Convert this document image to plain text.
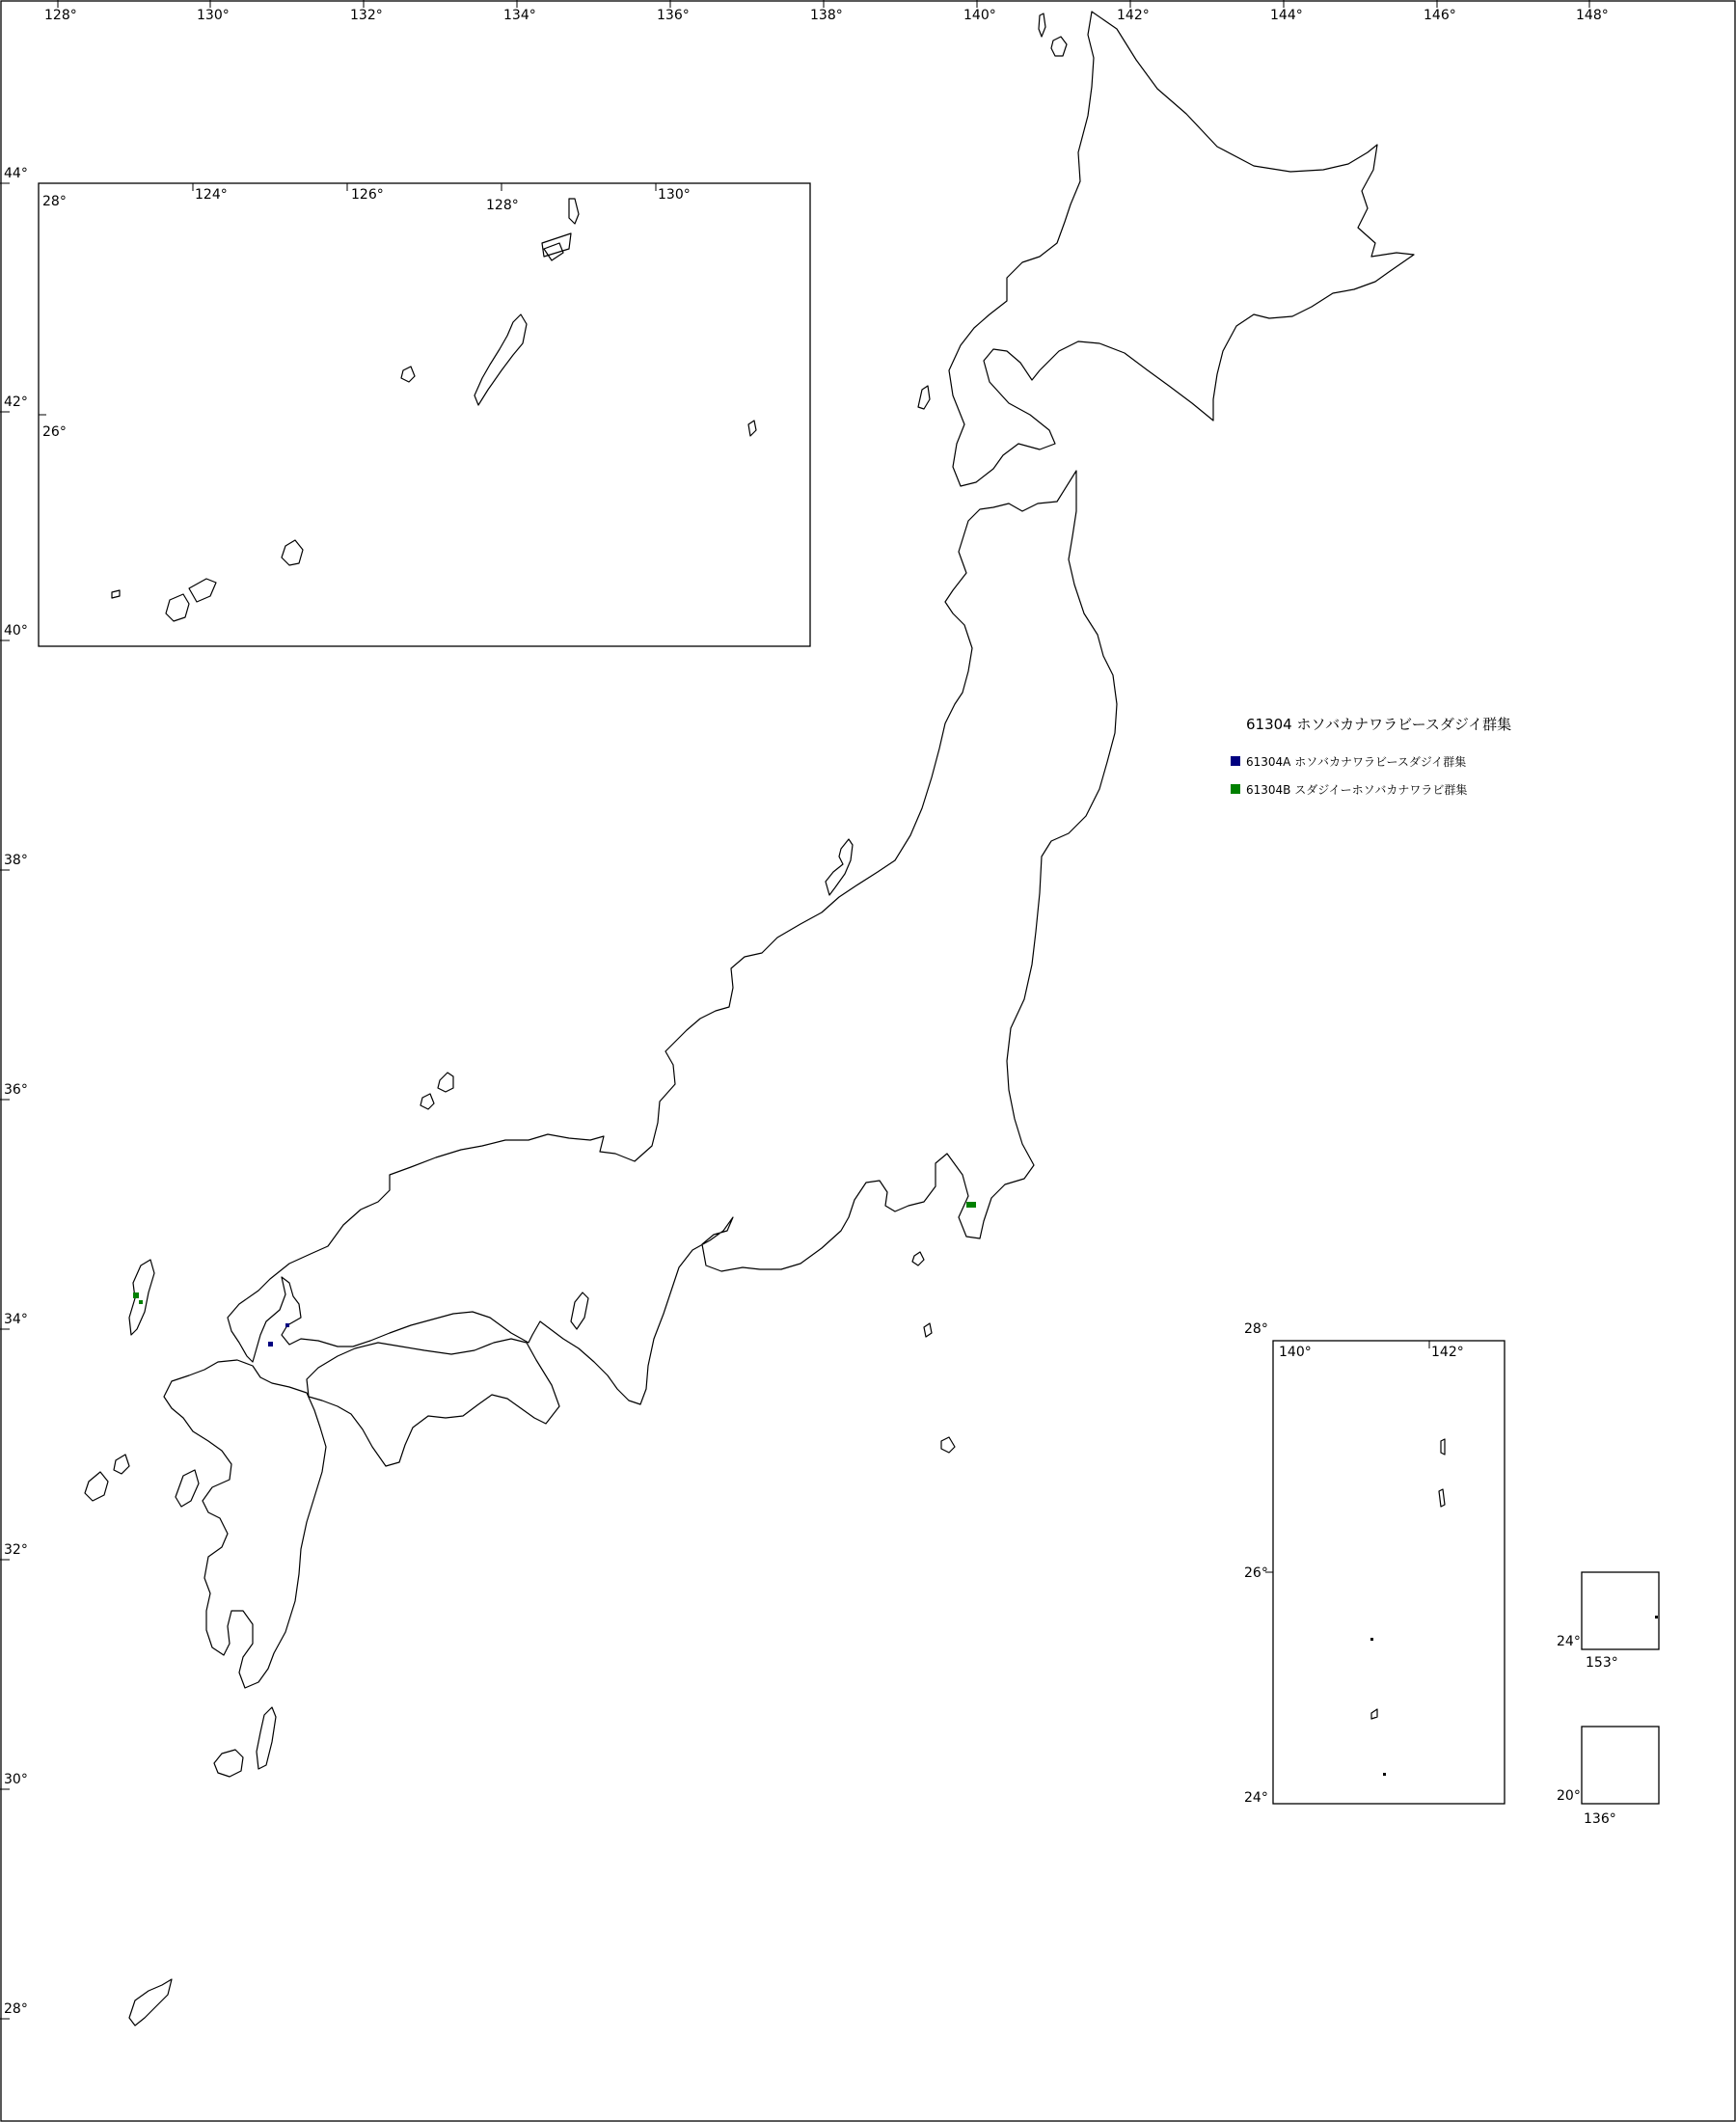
128°	130°	132°	134°	136°	138°	140°	142°	144°	146°	148°
44°
42°
40°
38°
36°
34°
32°
30°
28°
28°	124°	126°
128°
130°
26°
140°	142°
28°
26°
24°
24°
153°
20°
136°
61304 ホソバカナワラビースダジイ群集
61304A ホソバカナワラビースダジイ群集
61304B スダジイーホソバカナワラビ群集
